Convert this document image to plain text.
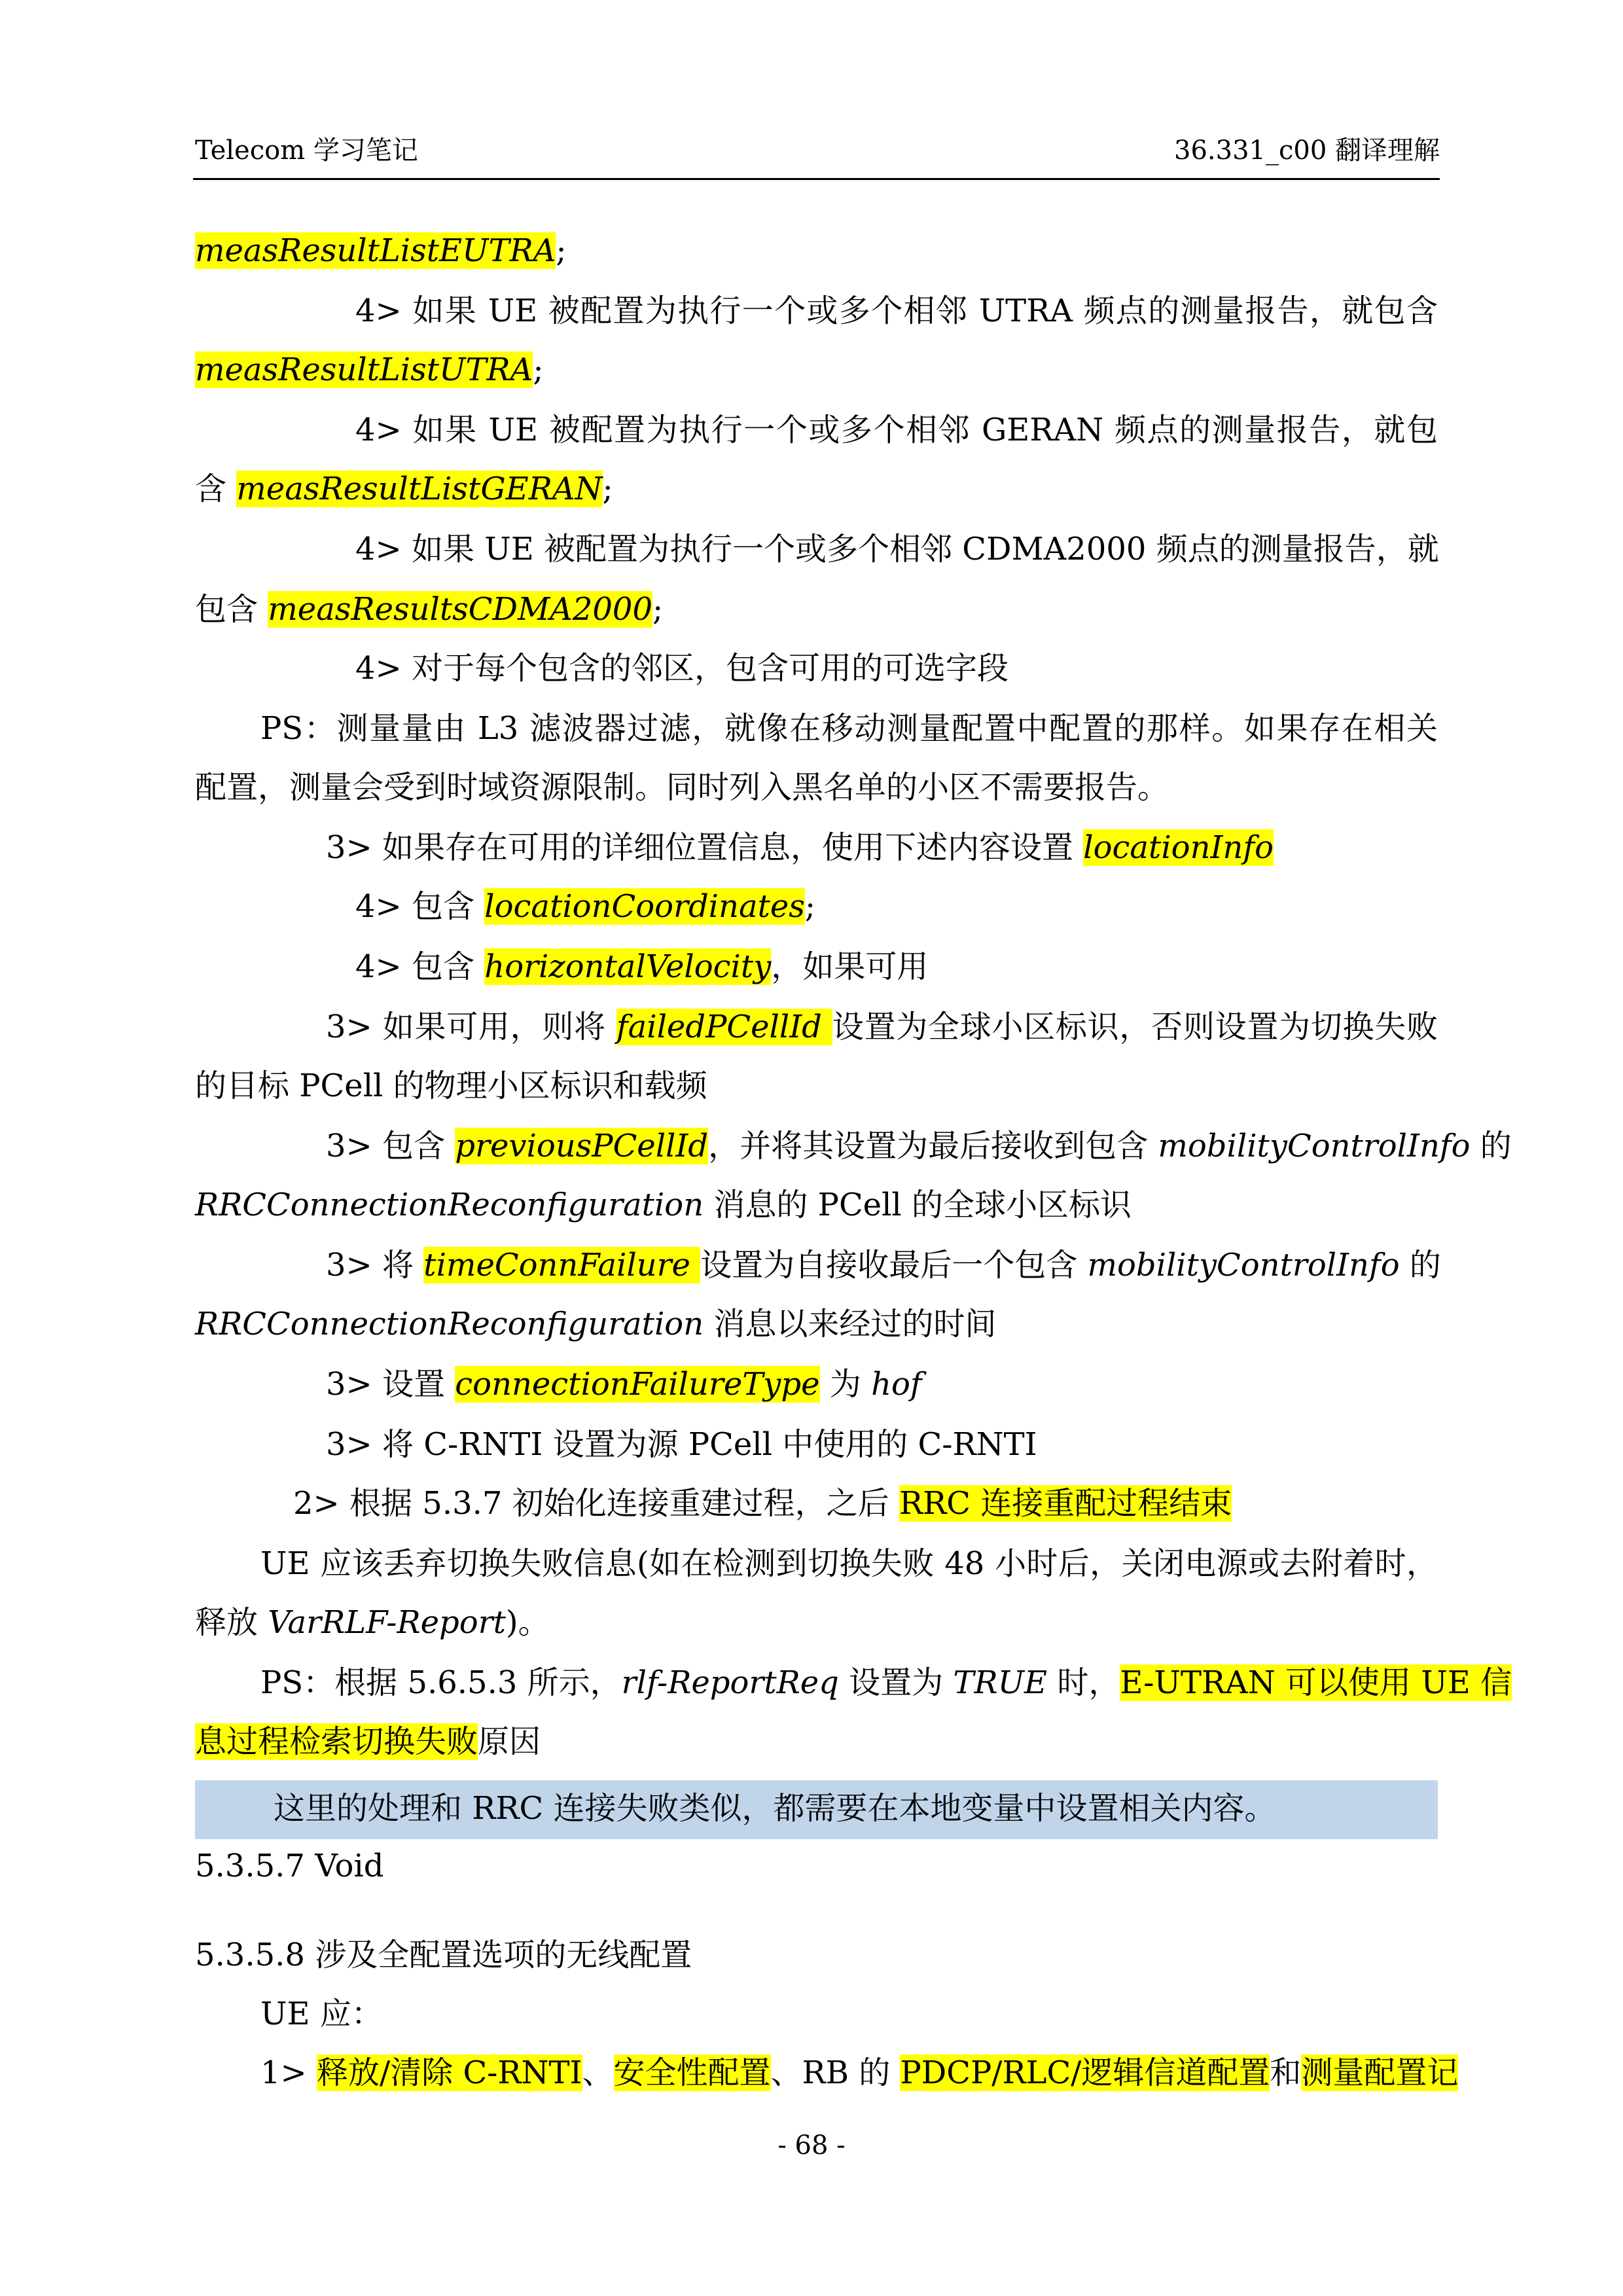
Telecom 学习笔记	36.331_c00 翻译理解
measResultListEUTRA;
4> 如果 UE 被配置为执行一个或多个相邻 UTRA 频点的测量报告，就包含
measResultListUTRA;
4> 如果 UE 被配置为执行一个或多个相邻 GERAN 频点的测量报告，就包
含 measResultListGERAN;
4> 如果 UE 被配置为执行一个或多个相邻 CDMA2000 频点的测量报告，就
包含 measResultsCDMA2000;
4> 对于每个包含的邻区，包含可用的可选字段
PS：测量量由 L3 滤波器过滤，就像在移动测量配置中配置的那样。如果存在相关
配置，测量会受到时域资源限制。同时列入黑名单的小区不需要报告。
3> 如果存在可用的详细位置信息，使用下述内容设置 locationInfo
4> 包含 locationCoordinates;
4> 包含 horizontalVelocity，如果可用
3> 如果可用，则将 failedPCellId 设置为全球小区标识，否则设置为切换失败
的目标 PCell 的物理小区标识和载频
3> 包含 previousPCellId，并将其设置为最后接收到包含 mobilityControlInfo 的
RRCConnectionReconfiguration 消息的 PCell 的全球小区标识
3> 将 timeConnFailure 设置为自接收最后一个包含 mobilityControlInfo 的
RRCConnectionReconfiguration 消息以来经过的时间
3> 设置 connectionFailureType 为 hof
3> 将 C-RNTI 设置为源 PCell 中使用的 C-RNTI
2> 根据 5.3.7 初始化连接重建过程，之后 RRC 连接重配过程结束
UE 应该丢弃切换失败信息(如在检测到切换失败 48 小时后，关闭电源或去附着时，
释放 VarRLF-Report)。
PS：根据 5.6.5.3 所示，rlf-ReportReq 设置为 TRUE 时，E-UTRAN 可以使用 UE 信
息过程检索切换失败原因
这里的处理和 RRC 连接失败类似，都需要在本地变量中设置相关内容。
5.3.5.7 Void
5.3.5.8 涉及全配置选项的无线配置
UE 应：
1> 释放/清除 C-RNTI、安全性配置、RB 的 PDCP/RLC/逻辑信道配置和测量配置记
- 68 -
